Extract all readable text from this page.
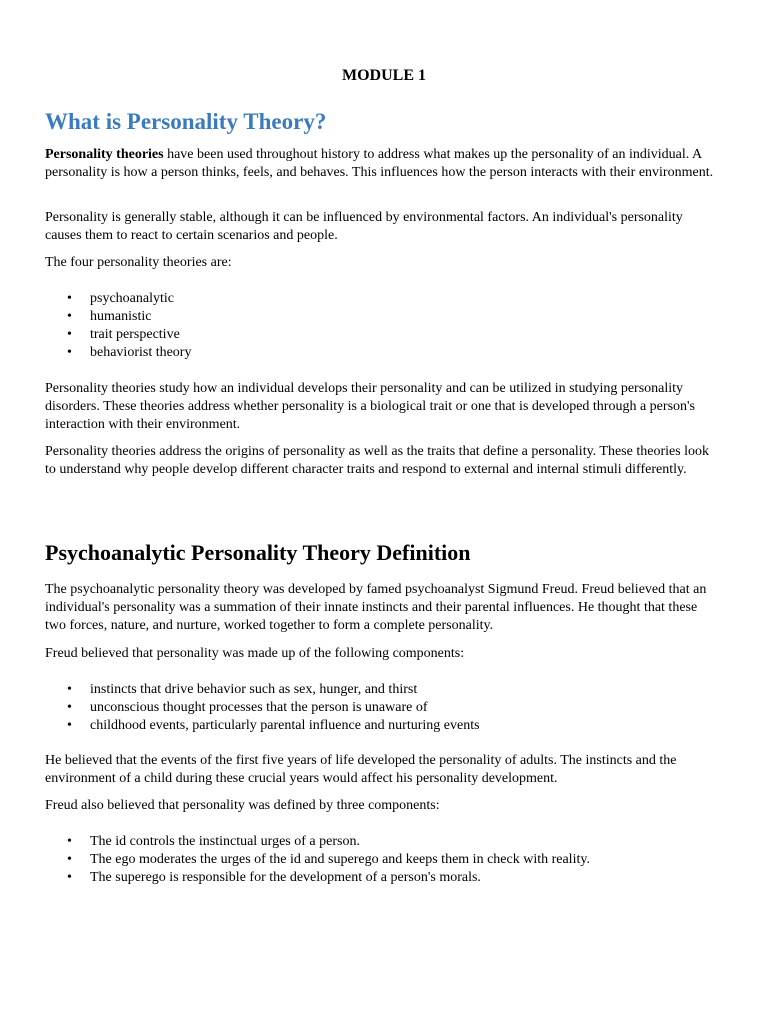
MODULE 1

What is Personality Theory?

Personality theories have been used throughout history to address what makes up the personality of an individual. A personality is how a person thinks, feels, and behaves. This influences how the person interacts with their environment.

Personality is generally stable, although it can be influenced by environmental factors. An individual's personality causes them to react to certain scenarios and people.

The four personality theories are:

• psychoanalytic
• humanistic
• trait perspective
• behaviorist theory

Personality theories study how an individual develops their personality and can be utilized in studying personality disorders. These theories address whether personality is a biological trait or one that is developed through a person's interaction with their environment.

Personality theories address the origins of personality as well as the traits that define a personality. These theories look to understand why people develop different character traits and respond to external and internal stimuli differently.

Psychoanalytic Personality Theory Definition

The psychoanalytic personality theory was developed by famed psychoanalyst Sigmund Freud. Freud believed that an individual's personality was a summation of their innate instincts and their parental influences. He thought that these two forces, nature, and nurture, worked together to form a complete personality.

Freud believed that personality was made up of the following components:

• instincts that drive behavior such as sex, hunger, and thirst
• unconscious thought processes that the person is unaware of
• childhood events, particularly parental influence and nurturing events

He believed that the events of the first five years of life developed the personality of adults. The instincts and the environment of a child during these crucial years would affect his personality development.

Freud also believed that personality was defined by three components:

• The id controls the instinctual urges of a person.
• The ego moderates the urges of the id and superego and keeps them in check with reality.
• The superego is responsible for the development of a person's morals.
